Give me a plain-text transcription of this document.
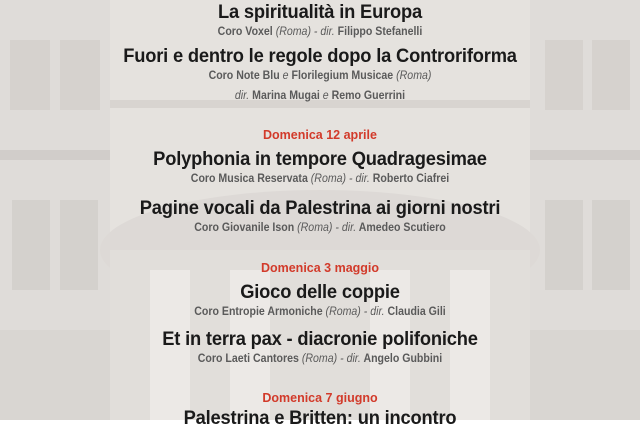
La spiritualità in Europa
Coro Voxel (Roma) - dir. Filippo Stefanelli
Fuori e dentro le regole dopo la Controriforma
Coro Note Blu e Florilegium Musicae (Roma)
dir. Marina Mugai e Remo Guerrini
Domenica 12 aprile
Polyphonia in tempore Quadragesimae
Coro Musica Reservata (Roma) - dir. Roberto Ciafrei
Pagine vocali da Palestrina ai giorni nostri
Coro Giovanile Ison (Roma) - dir. Amedeo Scutiero
Domenica 3 maggio
Gioco delle coppie
Coro Entropie Armoniche (Roma) - dir. Claudia Gili
Et in terra pax - diacronie polifoniche
Coro Laeti Cantores (Roma) - dir. Angelo Gubbini
Domenica 7 giugno
Palestrina e Britten: un incontro
